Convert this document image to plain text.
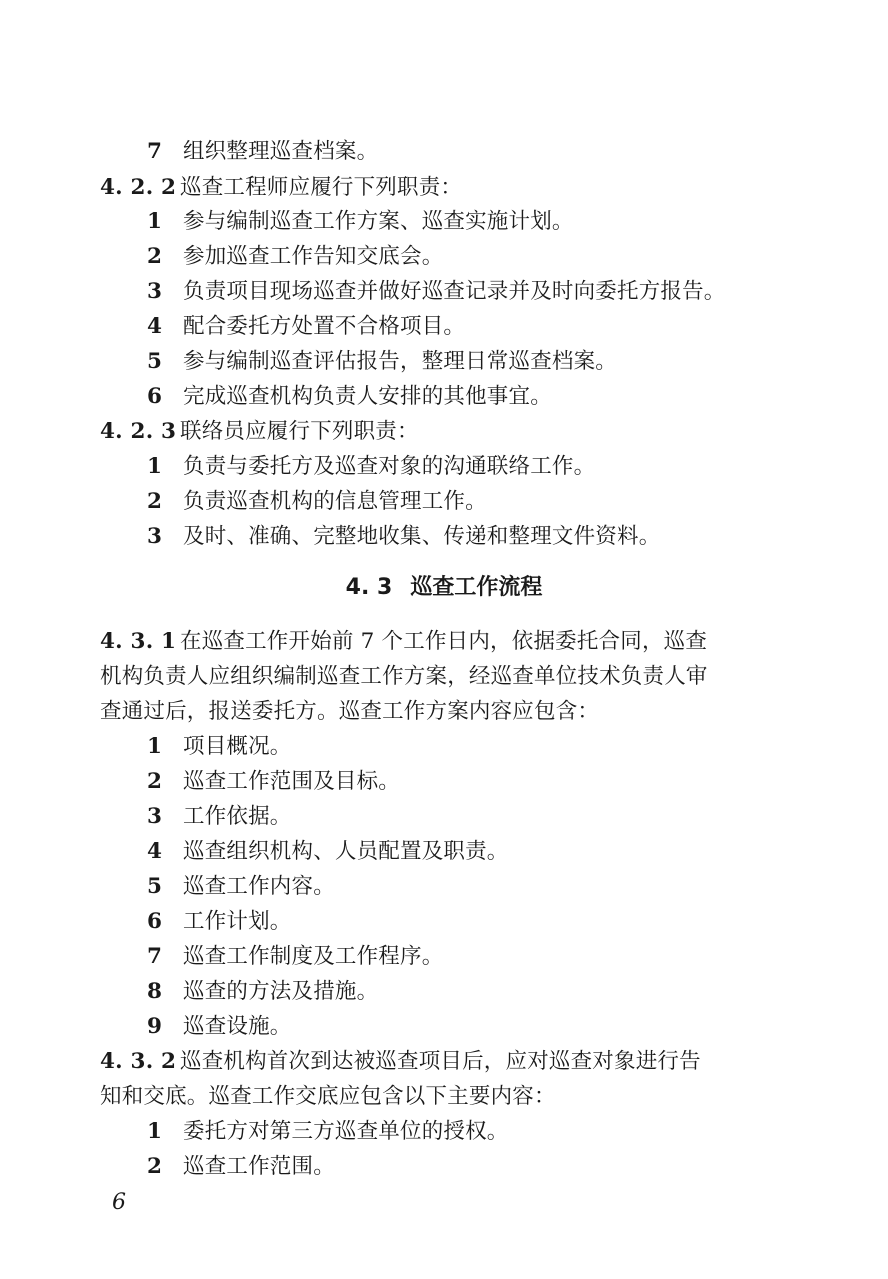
7 组织整理巡查档案。
4. 2. 2 巡查工程师应履行下列职责：
1 参与编制巡查工作方案、巡查实施计划。
2 参加巡查工作告知交底会。
3 负责项目现场巡查并做好巡查记录并及时向委托方报告。
4 配合委托方处置不合格项目。
5 参与编制巡查评估报告，整理日常巡查档案。
6 完成巡查机构负责人安排的其他事宜。
4. 2. 3 联络员应履行下列职责：
1 负责与委托方及巡查对象的沟通联络工作。
2 负责巡查机构的信息管理工作。
3 及时、准确、完整地收集、传递和整理文件资料。
4. 3 巡查工作流程
4. 3. 1 在巡查工作开始前 7 个工作日内，依据委托合同，巡查
机构负责人应组织编制巡查工作方案，经巡查单位技术负责人审
查通过后，报送委托方。巡查工作方案内容应包含：
1 项目概况。
2 巡查工作范围及目标。
3 工作依据。
4 巡查组织机构、人员配置及职责。
5 巡查工作内容。
6 工作计划。
7 巡查工作制度及工作程序。
8 巡查的方法及措施。
9 巡查设施。
4. 3. 2 巡查机构首次到达被巡查项目后，应对巡查对象进行告
知和交底。巡查工作交底应包含以下主要内容：
1 委托方对第三方巡查单位的授权。
2 巡查工作范围。
6
